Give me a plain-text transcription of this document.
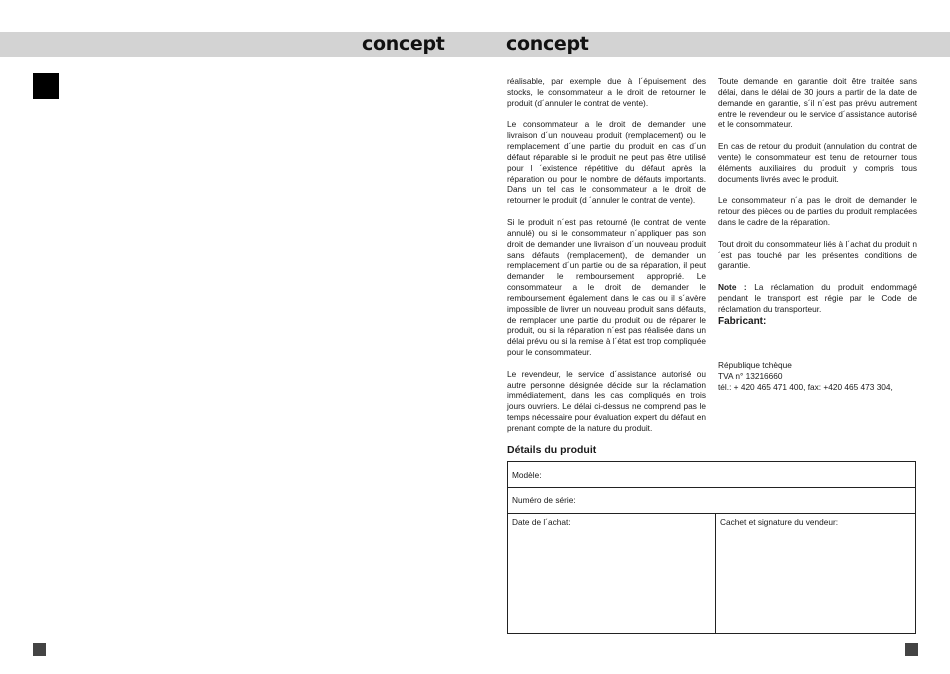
concept	concept

réalisable, par exemple due à l´épuisement des stocks, le consommateur a le droit de retourner le produit (d´annuler le contrat de vente).

Le consommateur a le droit de demander une livraison d´un nouveau produit (remplacement) ou le remplacement d´une partie du produit en cas d´un défaut réparable si le produit ne peut pas être utilisé pour l ´existence répétitive du défaut après la réparation ou pour le nombre de défauts importants. Dans un tel cas le consommateur a le droit de retourner le produit (d ´annuler le contrat de vente).

Si le produit n´est pas retourné (le contrat de vente annulé) ou si le consommateur n´appliquer pas son droit de demander une livraison d´un nouveau produit sans défauts (remplacement), de demander un remplacement d´un partie ou de sa réparation, il peut demander le remboursement approprié. Le consommateur a le droit de demander le remboursement également dans le cas ou il s´avère impossible de livrer un nouveau produit sans défauts, de remplacer une partie du produit ou de réparer le produit, ou si la réparation n´est pas réalisée dans un délai prévu ou si la remise à l´état est trop compliquée pour le consommateur.

Le revendeur, le service d´assistance autorisé ou autre personne désignée décide sur la réclamation immédiatement, dans les cas compliqués en trois jours ouvriers. Le délai ci-dessus ne comprend pas le temps nécessaire pour évaluation expert du défaut en prenant compte de la nature du produit.

Toute demande en garantie doit être traitée sans délai, dans le délai de 30 jours a partir de la date de demande en garantie, s´il n´est pas prévu autrement entre le revendeur ou le service d´assistance autorisé et le consommateur.

En cas de retour du produit (annulation du contrat de vente) le consommateur est tenu de retourner tous éléments auxiliaires du produit y compris tous documents livrés avec le produit.

Le consommateur n´a pas le droit de demander le retour des pièces ou de parties du produit remplacées dans le cadre de la réparation.

Tout droit du consommateur liés à l´achat du produit n´est pas touché par les présentes conditions de garantie.

Note : La réclamation du produit endommagé pendant le transport est régie par le Code de réclamation du transporteur.

Fabricant:
République tchèque
TVA n° 13216660
tél.: + 420 465 471 400, fax: +420 465 473 304,
Détails du produit
Modèle:
Numéro de série:
Date de l´achat:	Cachet et signature du vendeur:
